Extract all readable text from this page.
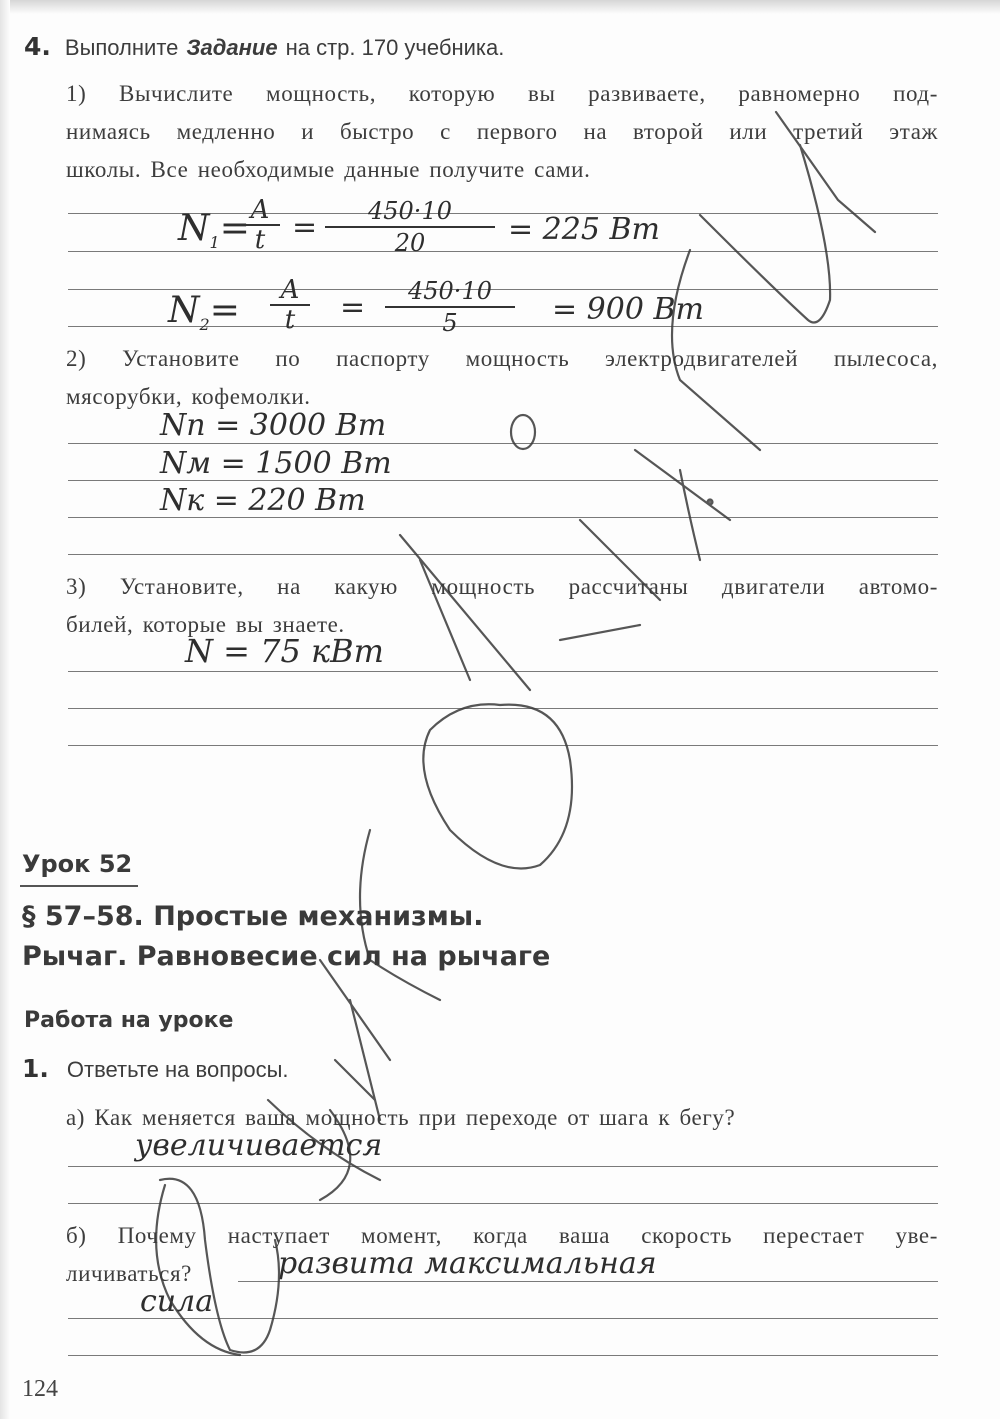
4. Выполните Задание на стр. 170 учебника.
1) Вычислите мощность, которую вы развиваете, равномерно под-
нимаясь медленно и быстро с первого на второй или третий этаж
школы. Все необходимые данные получите сами.
$N_1= A$
$t = \frac{450\cdot 10}{20} = 225$ Вт
$N_2=$	A
t	= $\frac{450\cdot 10}{5} = 900$ Вт
2) Установите по паспорту мощность электродвигателей пылесоса,
мясорубки, кофемолки.
Nп = 3000 Вт
Nм = 1500 Вт
Nк = 220 Вт
3) Установите, на какую мощность рассчитаны двигатели автомо-
билей, которые вы знаете.
N = 75 кВт
Урок 52
§ 57–58. Простые механизмы.
Рычаг. Равновесие сил на рычаге
Работа на уроке
1. Ответьте на вопросы.
а) Как меняется ваша мощность при переходе от шага к бегу?
увеличивается
б) Почему наступает момент, когда ваша скорость перестает уве-
личиваться?	развита максимальная
сила
124
